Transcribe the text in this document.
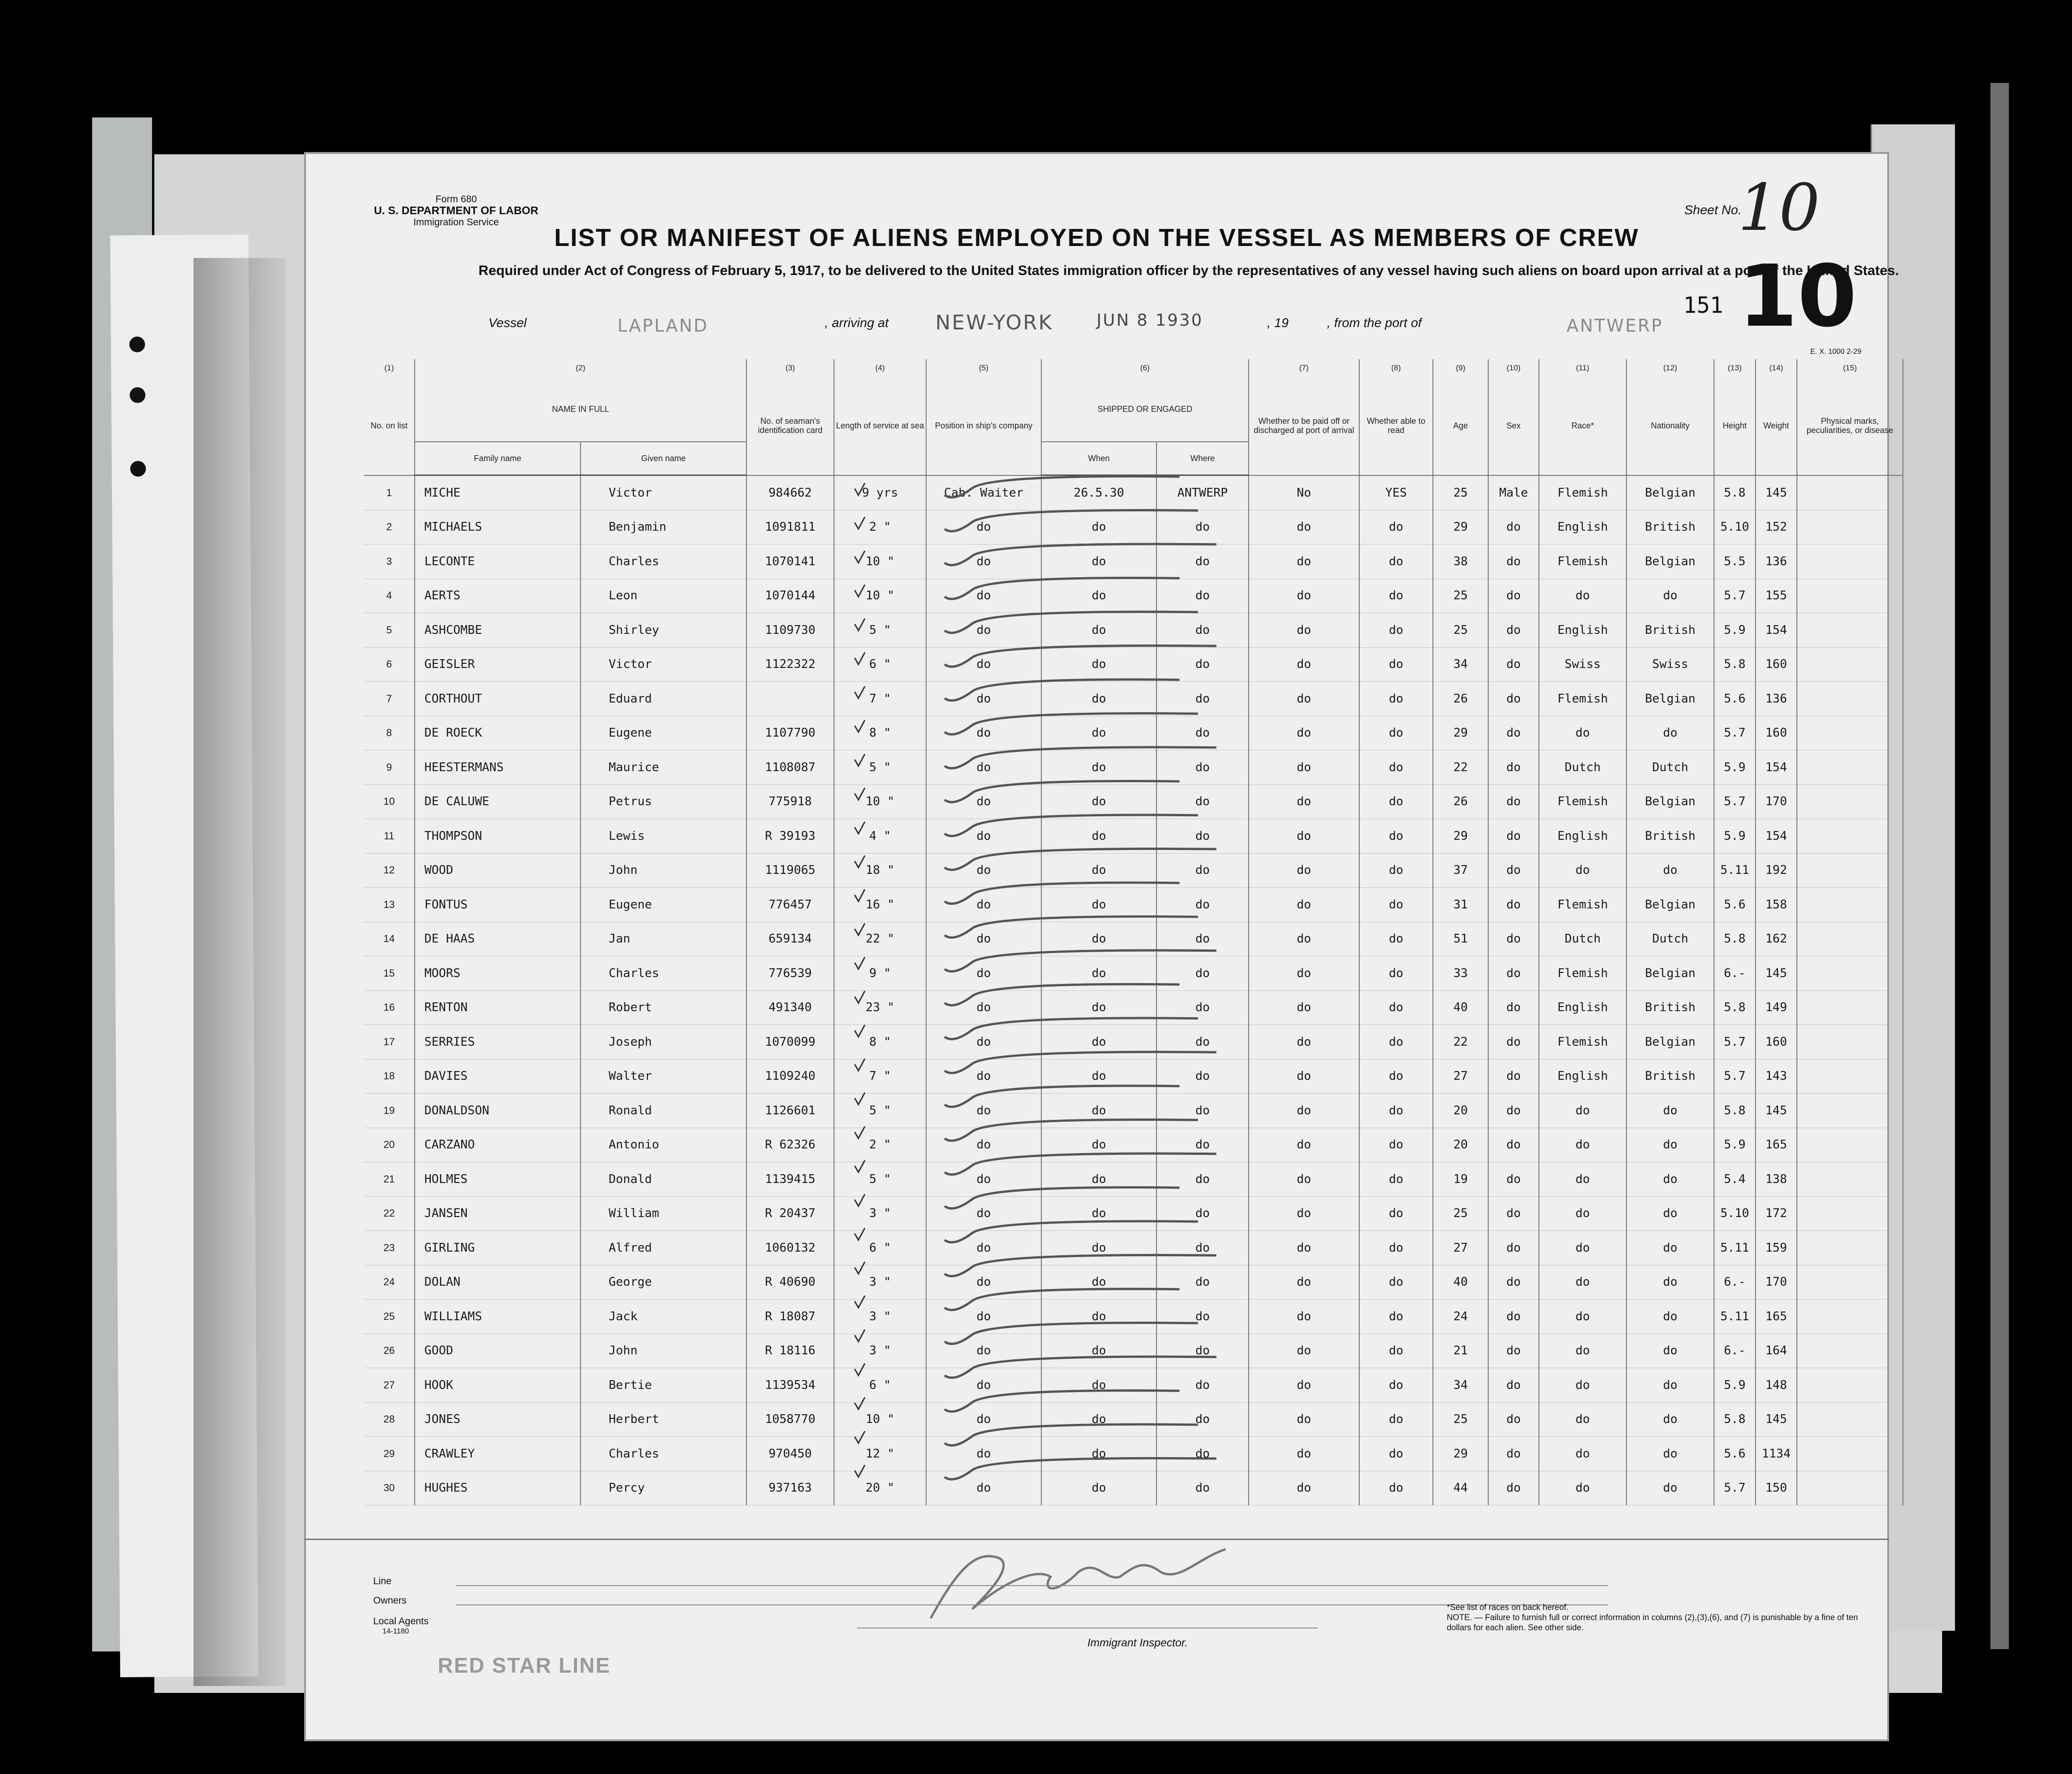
Form 680
U. S. DEPARTMENT OF LABOR
Immigration Service
Sheet No.
10
10
151
E. X. 1000 2-29
LIST OR MANIFEST OF ALIENS EMPLOYED ON THE VESSEL AS MEMBERS OF CREW
Required under Act of Congress of February 5, 1917, to be delivered to the United States immigration officer by the representatives of any vessel having such aliens on board upon arrival at a port of the United States.
Vessel	LAPLAND	, arriving at NEW-YORK	JUN 8 1930	, 19	, from the port of	ANTWERP
(1)	(2)		(3)	(4)	(5)	(6)		(7)	(8)	(9)	(10)	(11)	(12)	(13)	(14)	(15)
No. on list	NAME IN FULL		No. of seaman's identification card	Length of service at sea	Position in ship's company	SHIPPED OR ENGAGED		Whether to be paid off or discharged at port of arrival	Whether able to read	Age	Sex	Race*	Nationality	Height	Weight	Physical marks, peculiarities, or disease
	Family name	Given name				When	Where									
1	MICHE	Victor	984662	9 yrs	Cab. Waiter	26.5.30	ANTWERP	No	YES	25	Male	Flemish	Belgian	5.8	145	
2	MICHAELS	Benjamin	1091811	2 "	do	do	do	do	do	29	do	English	British	5.10	152	
3	LECONTE	Charles	1070141	10 "	do	do	do	do	do	38	do	Flemish	Belgian	5.5	136	
4	AERTS	Leon	1070144	10 "	do	do	do	do	do	25	do	do	do	5.7	155	
5	ASHCOMBE	Shirley	1109730	5 "	do	do	do	do	do	25	do	English	British	5.9	154	
6	GEISLER	Victor	1122322	6 "	do	do	do	do	do	34	do	Swiss	Swiss	5.8	160	
7	CORTHOUT	Eduard		7 "	do	do	do	do	do	26	do	Flemish	Belgian	5.6	136	
8	DE ROECK	Eugene	1107790	8 "	do	do	do	do	do	29	do	do	do	5.7	160	
9	HEESTERMANS	Maurice	1108087	5 "	do	do	do	do	do	22	do	Dutch	Dutch	5.9	154	
10	DE CALUWE	Petrus	775918	10 "	do	do	do	do	do	26	do	Flemish	Belgian	5.7	170	
11	THOMPSON	Lewis	R 39193	4 "	do	do	do	do	do	29	do	English	British	5.9	154	
12	WOOD	John	1119065	18 "	do	do	do	do	do	37	do	do	do	5.11	192	
13	FONTUS	Eugene	776457	16 "	do	do	do	do	do	31	do	Flemish	Belgian	5.6	158	
14	DE HAAS	Jan	659134	22 "	do	do	do	do	do	51	do	Dutch	Dutch	5.8	162	
15	MOORS	Charles	776539	9 "	do	do	do	do	do	33	do	Flemish	Belgian	6.-	145	
16	RENTON	Robert	491340	23 "	do	do	do	do	do	40	do	English	British	5.8	149	
17	SERRIES	Joseph	1070099	8 "	do	do	do	do	do	22	do	Flemish	Belgian	5.7	160	
18	DAVIES	Walter	1109240	7 "	do	do	do	do	do	27	do	English	British	5.7	143	
19	DONALDSON	Ronald	1126601	5 "	do	do	do	do	do	20	do	do	do	5.8	145	
20	CARZANO	Antonio	R 62326	2 "	do	do	do	do	do	20	do	do	do	5.9	165	
21	HOLMES	Donald	1139415	5 "	do	do	do	do	do	19	do	do	do	5.4	138	
22	JANSEN	William	R 20437	3 "	do	do	do	do	do	25	do	do	do	5.10	172	
23	GIRLING	Alfred	1060132	6 "	do	do	do	do	do	27	do	do	do	5.11	159	
24	DOLAN	George	R 40690	3 "	do	do	do	do	do	40	do	do	do	6.-	170	
25	WILLIAMS	Jack	R 18087	3 "	do	do	do	do	do	24	do	do	do	5.11	165	
26	GOOD	John	R 18116	3 "	do	do	do	do	do	21	do	do	do	6.-	164	
27	HOOK	Bertie	1139534	6 "	do	do	do	do	do	34	do	do	do	5.9	148	
28	JONES	Herbert	1058770	10 "	do	do	do	do	do	25	do	do	do	5.8	145	
29	CRAWLEY	Charles	970450	12 "	do	do	do	do	do	29	do	do	do	5.6	1134	
30	HUGHES	Percy	937163	20 "	do	do	do	do	do	44	do	do	do	5.7	150	
Line
Owners
Local Agents
14-1180
RED STAR LINE
Immigrant Inspector.
*See list of races on back hereof.
NOTE. — Failure to furnish full or correct information in columns (2),(3),(6), and (7) is punishable by a fine of ten dollars for each alien. See other side.
